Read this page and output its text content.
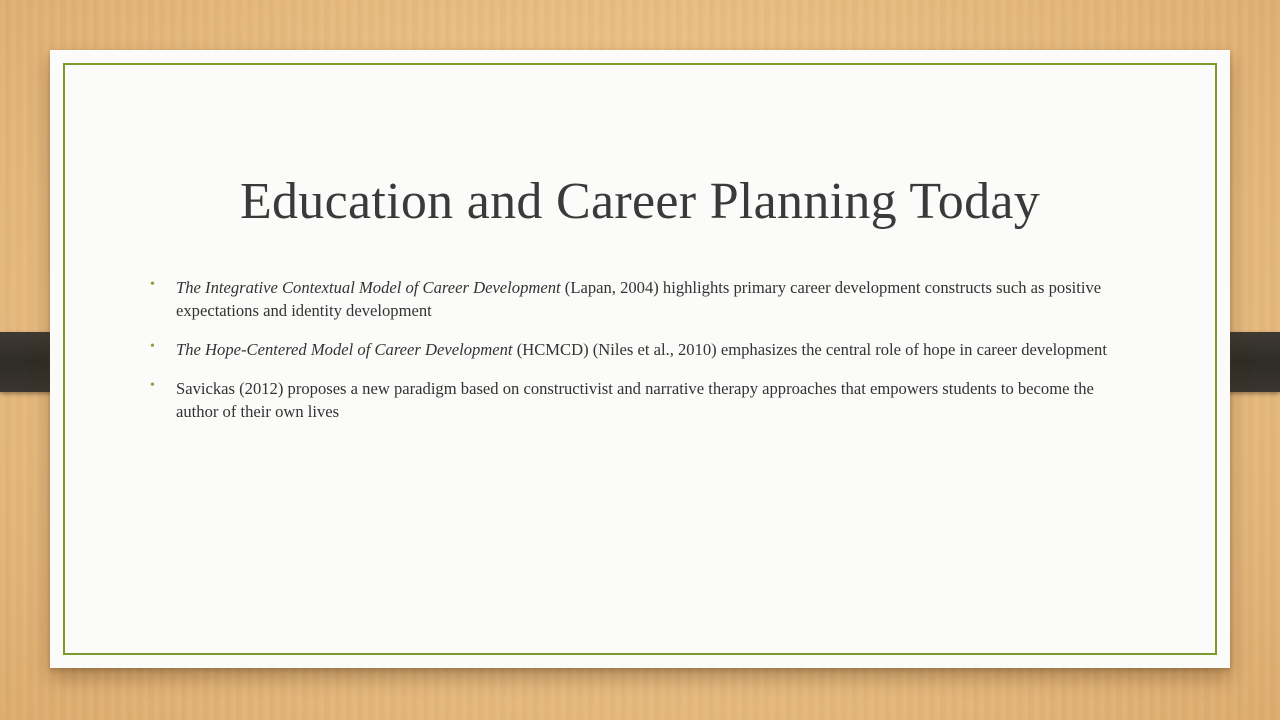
Education and Career Planning Today
• The Integrative Contextual Model of Career Development (Lapan, 2004) highlights primary career development constructs such as positive expectations and identity development
• The Hope-Centered Model of Career Development (HCMCD) (Niles et al., 2010) emphasizes the central role of hope in career development
• Savickas (2012) proposes a new paradigm based on constructivist and narrative therapy approaches that empowers students to become the author of their own lives
